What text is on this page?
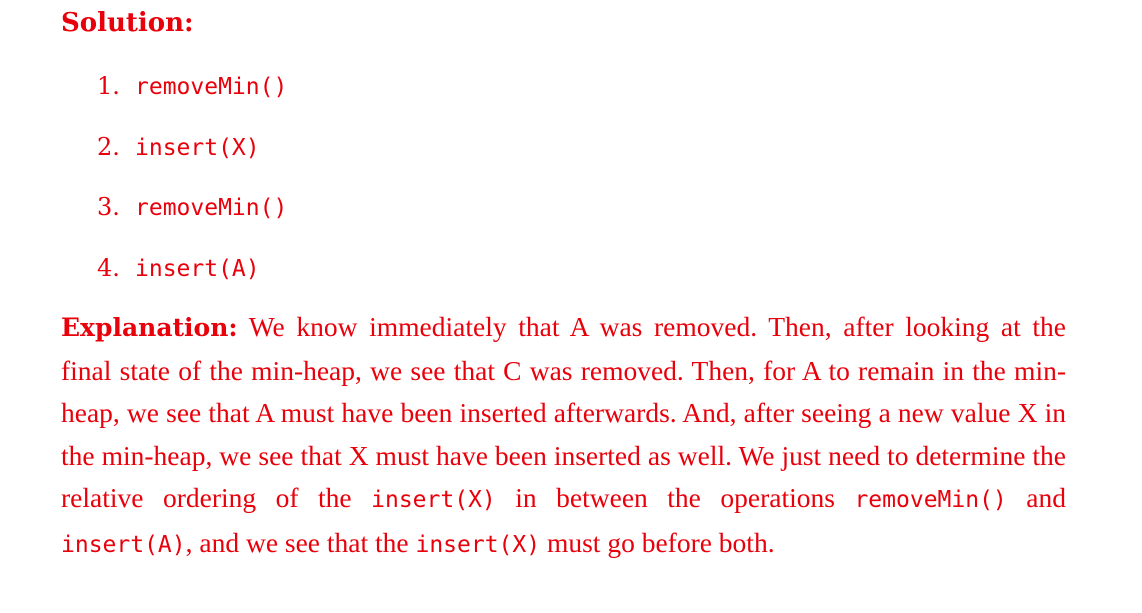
Solution:
1. removeMin()
2. insert(X)
3. removeMin()
4. insert(A)

Explanation: We know immediately that A was removed. Then, after looking at the final state of the min-heap, we see that C was removed. Then, for A to remain in the min-heap, we see that A must have been inserted afterwards. And, after seeing a new value X in the min-heap, we see that X must have been inserted as well. We just need to determine the relative ordering of the insert(X) in between the operations removeMin() and insert(A), and we see that the insert(X) must go before both.
